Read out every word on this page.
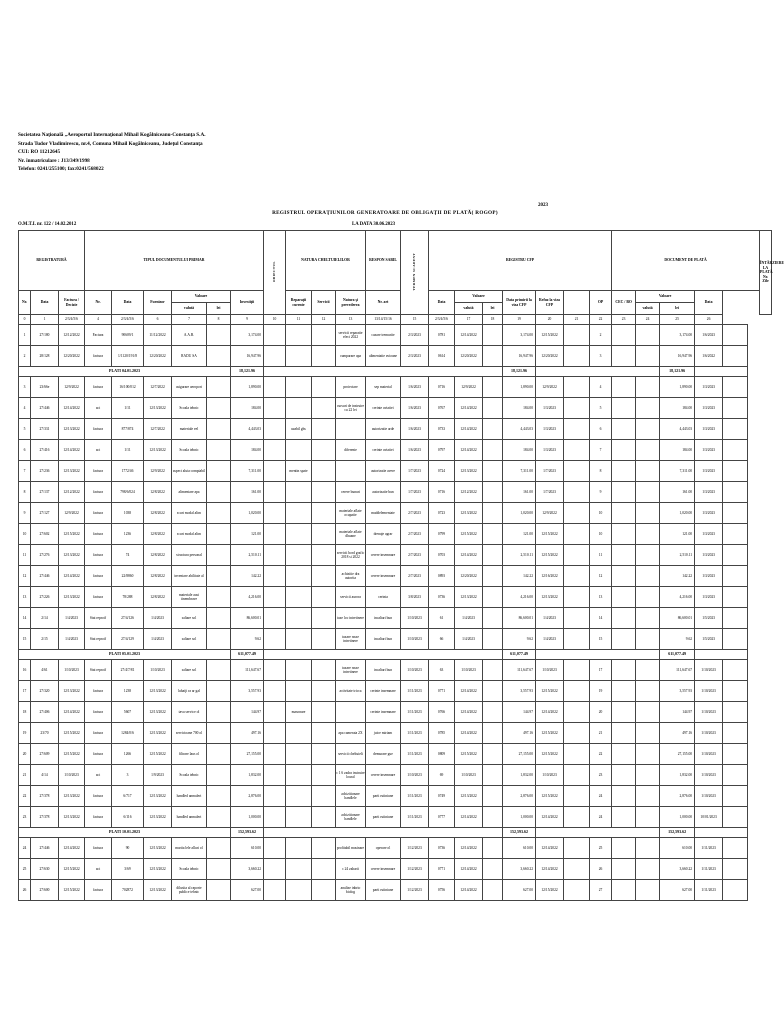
Societatea Naţională „Aeroportul Internaţional Mihail Kogălniceanu-Constanţa S.A.
Strada Tudor Vladimirescu, nr.4, Comuna Mihail Kogălniceanu, Judeţul Constanţa
CUI: RO 11212645
Nr. înmatriculare : J13/349/1998
Telefon: 0241/255100; fax:0241/568022
2023
REGISTRUL OPERAŢIUNILOR GENERATOARE DE OBLIGAŢII DE PLATĂ( ROGOP)
O.M.T.I. nr. 122 / 14.02.2012	LA DATA 30.06.2023
REGISTRATURĂ			TIPUL DOCUMENTULUI PRIMAR						OBIECTUL	NATURA CHELTUIELILOR			RESPON SABIL	TERMEN SCADENT	REGISTRU CFP							DOCUMENT DE PLATĂ					ÎNTÂRZIERE LA PLATĂ Nr. Zile
Nr.	Data	Factura / Decizie	Nr.	Data	Furnizor	Valoare		Investiţii		Reparaţii curente	Servicii	Natura şi prevederea	Nr. art		Data	Valoare		Data primirii la viza CFP	Refuz la viza CFP		OP	CEC / BO	Valoare		Data		
						valută	lei									valută	lei						valută	lei			
0	1	2/3/4/5/6	4	2/3/4/5/6	6	7	8	9	10	11	12	13	13/14/15/16	15	2/3/4/5/6	17	18	19	20	21	22	23	24	25	26		
1	27/180	12/12/2022	Factura	90609/1	11/12/2022	A.A.B.		3,174.00				servicii reparatie efect 2022	cazare tremurite	2/3/2023	0781	12/14/2022		3,174.00	12/15/2022		2			3,174.00	1/6/2023		
2	28/128	12/20/2022	factura	1/1120/191/8	12/20/2022	RADU SA		16,947.96				cumparare apa	alimentatie avioane	2/3/2023	0614	12/20/2022		16,947.96	12/20/2022		3			16,947.96	1/6/2022		
PLATI 04.01.2023								18,121.96										18,121.96						18,121.96			
3	23/66e	12/9/2022	factura	16/100/012	12/7/2022	asigurare aeroport		1,890.00				proiectare	sep material	1/6/2023	0716	12/9/2022		1,890.00	12/9/2022		4			1,890.00	1/3/2023		
4	27/446	12/14/2022	act	1/11	12/13/2022	Scoala tehnic		184.00				cursuri de instruire cu 22 lei	cerinte aviatiei	1/6/2023	0767	12/14/2022		184.00	1/3/2023		5			184.00	1/3/2023		
5	27/331	12/13/2022	factura	877/874	12/7/2022	materiale eel		4,443.03		uzabil ghs			autorizatie arde	1/6/2023	0733	12/14/2022		4,443.03	1/3/2023		6			4,443.03	1/3/2023		
6	27/416	12/14/2022	act	1/11	12/13/2022	Scoala tehnic		184.00				diferente	cerinte aviatiei	1/6/2023	0797	12/14/2022		184.00	1/3/2023		7			184.00	1/3/2023		
7	27/236	12/13/2022	factura	1772/46	12/9/2022	aspect aluta comptabil		7,311.00		mentin spate			autorizatie avere	1/7/2023	0724	12/13/2022		7,311.00	1/7/2023		8			7,311.00	1/3/2023		
8	27/137	12/12/2022	factura	798/6/024	12/8/2022	alimentare apa		161.00				cerere bunuri	autorizatie bun	1/7/2023	0716	12/12/2022		161.00	1/7/2023		9			161.00	1/3/2023		
9	27/127	12/9/2022	factura	1038	12/8/2022	scurt modal alim		1,020.00				materiale aflate ocupatie	maddelementate	2/7/2023	0723	12/13/2022		1,020.00	12/9/2022		10			1,020.00	1/3/2023		
10	27/602	12/15/2022	factura	1236	12/8/2022	scurt modal alim		121.00				materiale aflate dhuane	drenaje agrar	2/7/2023	0799	12/15/2022		121.00	12/15/2022		10			121.00	1/3/2023		
11	27/276	12/13/2022	factura	74	12/8/2022	structura personal		2,510.11				servicii bord grafic 2018 si 2022	cerere insemnare	2/7/2023	0703	12/14/2022		2,510.11	12/15/2022		11			2,510.11	1/3/2023		
12	27/446	12/14/2022	factura	22/8860	12/8/2022	inventare abilitate al		142.22				achizitie dra autorita	cerere insemnare	2/7/2023	0893	12/20/2022		142.22	12/16/2022		12			142.22	1/3/2023		
13	27/226	12/13/2022	factura	78/288	12/8/2022	materiale ausi tinembrave		4,216.00				servicii aurora	cerinta	3/8/2023	0736	12/13/2022		4,216.00	12/13/2022		13			4,216.00	1/3/2023		
14	2/14	1/4/2023	Stat reproif	27/4/126	1/4/2023	saltare sol		86,600.01				taxe loc intretinere	incaltari bun	1/10/2023	61	1/4/2023		86,600.01	1/4/2023		14			86,600.01	1/5/2023		
15	2/15	1/4/2023	Stat reproif	27/4/129	1/4/2023	saltare sol		9.62				taxare rasse intretinere	incaltari bun	1/10/2023	66	1/4/2023		9.62	1/4/2023		15			9.62	1/5/2023		
PLATI 05.01.2023								611,077.49										611,077.49						611,077.49			
16	4/61	1/10/2023	Stat reproif	27/4/7/81	1/10/2023	saltare sol		111,647.67				taxare rasse intretinere	incaltari bun	1/10/2023	63	1/10/2023		111,647.67	1/10/2023		17			111,647.67	1/10/2023		
17	27/320	12/13/2022	factura	1238	12/13/2022	lubaiji ra ar gal		3,557.93				activitate tricca	cerinte insemnare	1/11/2023	0771	12/14/2022		3,557.93	12/15/2022		19			3,557.93	1/10/2023		
18	27/406	12/14/2022	factura	5607	12/13/2022	tava service ol		144.97		masonare			cerinte insemnare	1/11/2023	0766	12/14/2022		144.97	12/14/2022		20			144.97	1/10/2023		
19	23/70	12/15/2022	factura	1284/0/6	12/13/2022	servicioane 700 ol		497.16				apa camerata 2X	juice miriam	1/11/2023	0785	12/14/2022		497.16	12/15/2022		21			497.16	1/10/2023		
20	27/609	12/15/2022	factura	1266	12/15/2022	filtrare laus ol		27,155.00				servicii cheltuieli	demurare gue	1/11/2023	0809	12/15/2022		27,155.00	12/15/2022		22			27,155.00	1/10/2023		
21	4/14	1/10/2023	act	3	1/9/2023	Scoala tehnic		1,832.00				c 1 6 zadra instruire loural	cerere insemnare	1/10/2023	69	1/10/2023		1,832.00	1/10/2023		23			1,832.00	1/10/2023		
22	27/378	12/13/2022	factura	6/717	12/13/2022	handled anmaleri		2,876.00				achizitionare handlele	parti rutiniune	1/11/2023	0749	12/13/2022		2,876.00	12/15/2022		24			2,876.00	1/10/2023		
23	27/378	12/13/2022	factura	6/116	12/13/2022	handled anmaleri		1,000.00				achizitionare handlele	parti rutiniune	1/11/2023	0777	12/14/2022		1,000.00	12/14/2022		24			1,000.00	10/01/2023		
PLATI 10.01.2023								152,593.62										152,593.62						152,593.62			
24	27/446	12/14/2022	factura	90	12/13/2022	martia lele alluri ol		610.00				profitabil masinare	operare ol	1/12/2023	0736	12/14/2022		610.00	12/14/2022		25			610.00	1/11/2023		
25	27/630	12/15/2022	act	3/69	12/13/2022	Scoala tehnic		3,660.22				c 24 zaharii	cerere insemnare	1/12/2023	0771	12/14/2022		3,660.22	12/14/2022		26			3,660.22	1/11/2023		
26	27/600	12/15/2022	factura	702872	12/13/2022	dilusita al raporte publice tehnic		627.00				analize inbrio biolog	parti rutiniune	1/12/2023	0756	12/14/2022		627.00	12/15/2022		27			627.00	1/11/2023		
